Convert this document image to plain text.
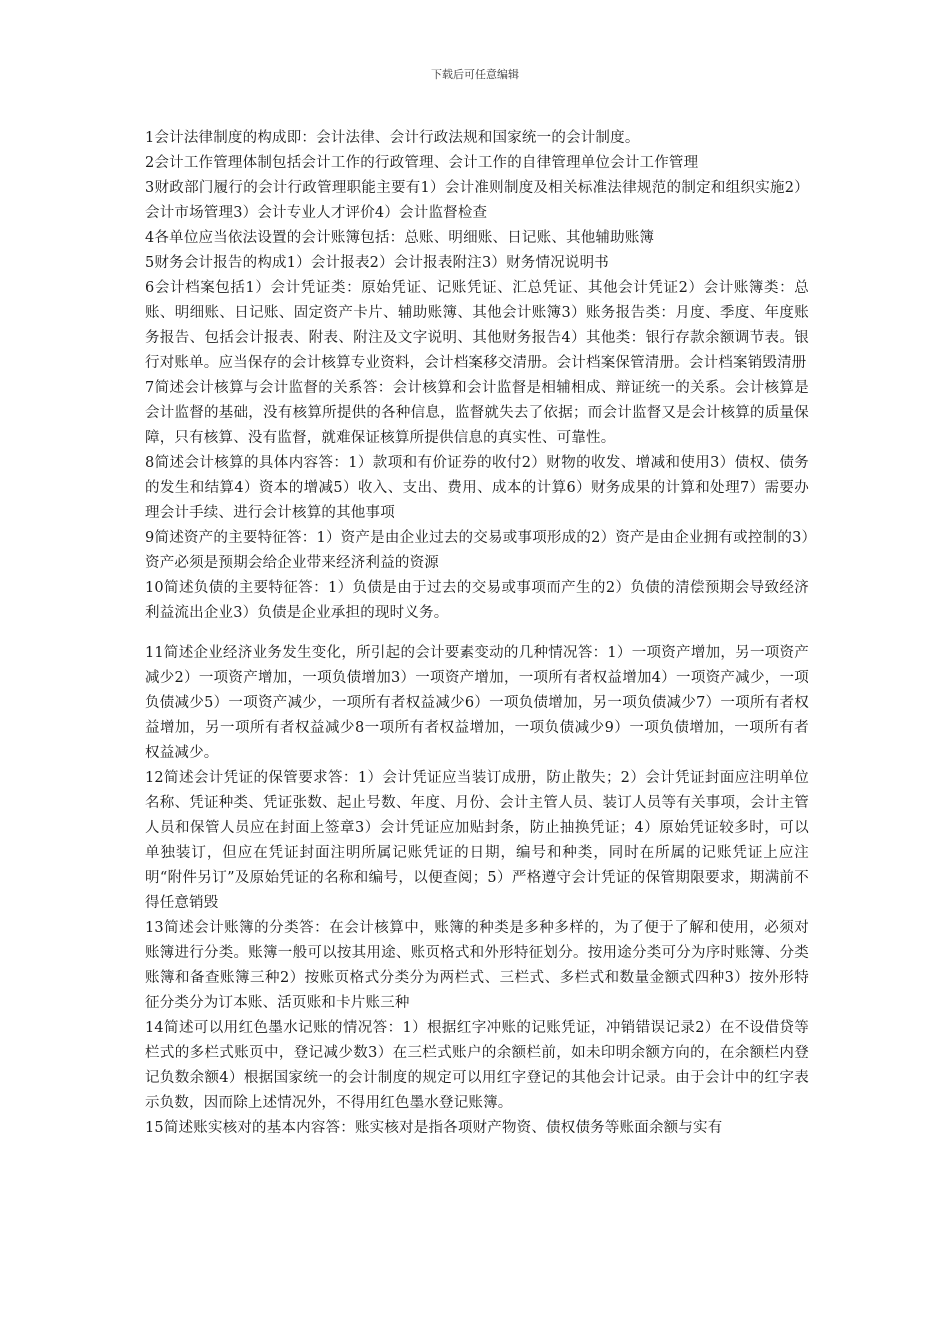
下载后可任意编辑

1会计法律制度的构成即：会计法律、会计行政法规和国家统一的会计制度。

2会计工作管理体制包括会计工作的行政管理、会计工作的自律管理单位会计工作管理

3财政部门履行的会计行政管理职能主要有1）会计准则制度及相关标准法律规范的制定和组织实施2）会计市场管理3）会计专业人才评价4）会计监督检查

4各单位应当依法设置的会计账簿包括：总账、明细账、日记账、其他辅助账簿

5财务会计报告的构成1）会计报表2）会计报表附注3）财务情况说明书

6会计档案包括1）会计凭证类：原始凭证、记账凭证、汇总凭证、其他会计凭证2）会计账簿类：总账、明细账、日记账、固定资产卡片、辅助账簿、其他会计账簿3）账务报告类：月度、季度、年度账务报告、包括会计报表、附表、附注及文字说明、其他财务报告4）其他类：银行存款余额调节表。银行对账单。应当保存的会计核算专业资料，会计档案移交清册。会计档案保管清册。会计档案销毁清册

7简述会计核算与会计监督的关系答：会计核算和会计监督是相辅相成、辩证统一的关系。会计核算是会计监督的基础，没有核算所提供的各种信息，监督就失去了依据；而会计监督又是会计核算的质量保障，只有核算、没有监督，就难保证核算所提供信息的真实性、可靠性。

8简述会计核算的具体内容答：1）款项和有价证券的收付2）财物的收发、增减和使用3）债权、债务的发生和结算4）资本的增减5）收入、支出、费用、成本的计算6）财务成果的计算和处理7）需要办理会计手续、进行会计核算的其他事项

9简述资产的主要特征答：1）资产是由企业过去的交易或事项形成的2）资产是由企业拥有或控制的3）资产必须是预期会给企业带来经济利益的资源

10简述负债的主要特征答：1）负债是由于过去的交易或事项而产生的2）负债的清偿预期会导致经济利益流出企业3）负债是企业承担的现时义务。

11简述企业经济业务发生变化，所引起的会计要素变动的几种情况答：1）一项资产增加，另一项资产减少2）一项资产增加，一项负债增加3）一项资产增加，一项所有者权益增加4）一项资产减少，一项负债减少5）一项资产减少，一项所有者权益减少6）一项负债增加，另一项负债减少7）一项所有者权益增加，另一项所有者权益减少8一项所有者权益增加，一项负债减少9）一项负债增加，一项所有者权益减少。

12简述会计凭证的保管要求答：1）会计凭证应当装订成册，防止散失；2）会计凭证封面应注明单位名称、凭证种类、凭证张数、起止号数、年度、月份、会计主管人员、装订人员等有关事项，会计主管人员和保管人员应在封面上签章3）会计凭证应加贴封条，防止抽换凭证；4）原始凭证较多时，可以单独装订，但应在凭证封面注明所属记账凭证的日期，编号和种类，同时在所属的记账凭证上应注明“附件另订”及原始凭证的名称和编号，以便查阅；5）严格遵守会计凭证的保管期限要求，期满前不得任意销毁

13简述会计账簿的分类答：在会计核算中，账簿的种类是多种多样的，为了便于了解和使用，必须对账簿进行分类。账簿一般可以按其用途、账页格式和外形特征划分。按用途分类可分为序时账簿、分类账簿和备查账簿三种2）按账页格式分类分为两栏式、三栏式、多栏式和数量金额式四种3）按外形特征分类分为订本账、活页账和卡片账三种

14简述可以用红色墨水记账的情况答：1）根据红字冲账的记账凭证，冲销错误记录2）在不设借贷等栏式的多栏式账页中，登记减少数3）在三栏式账户的余额栏前，如未印明余额方向的，在余额栏内登记负数余额4）根据国家统一的会计制度的规定可以用红字登记的其他会计记录。由于会计中的红字表示负数，因而除上述情况外，不得用红色墨水登记账簿。

15简述账实核对的基本内容答：账实核对是指各项财产物资、债权债务等账面余额与实有
